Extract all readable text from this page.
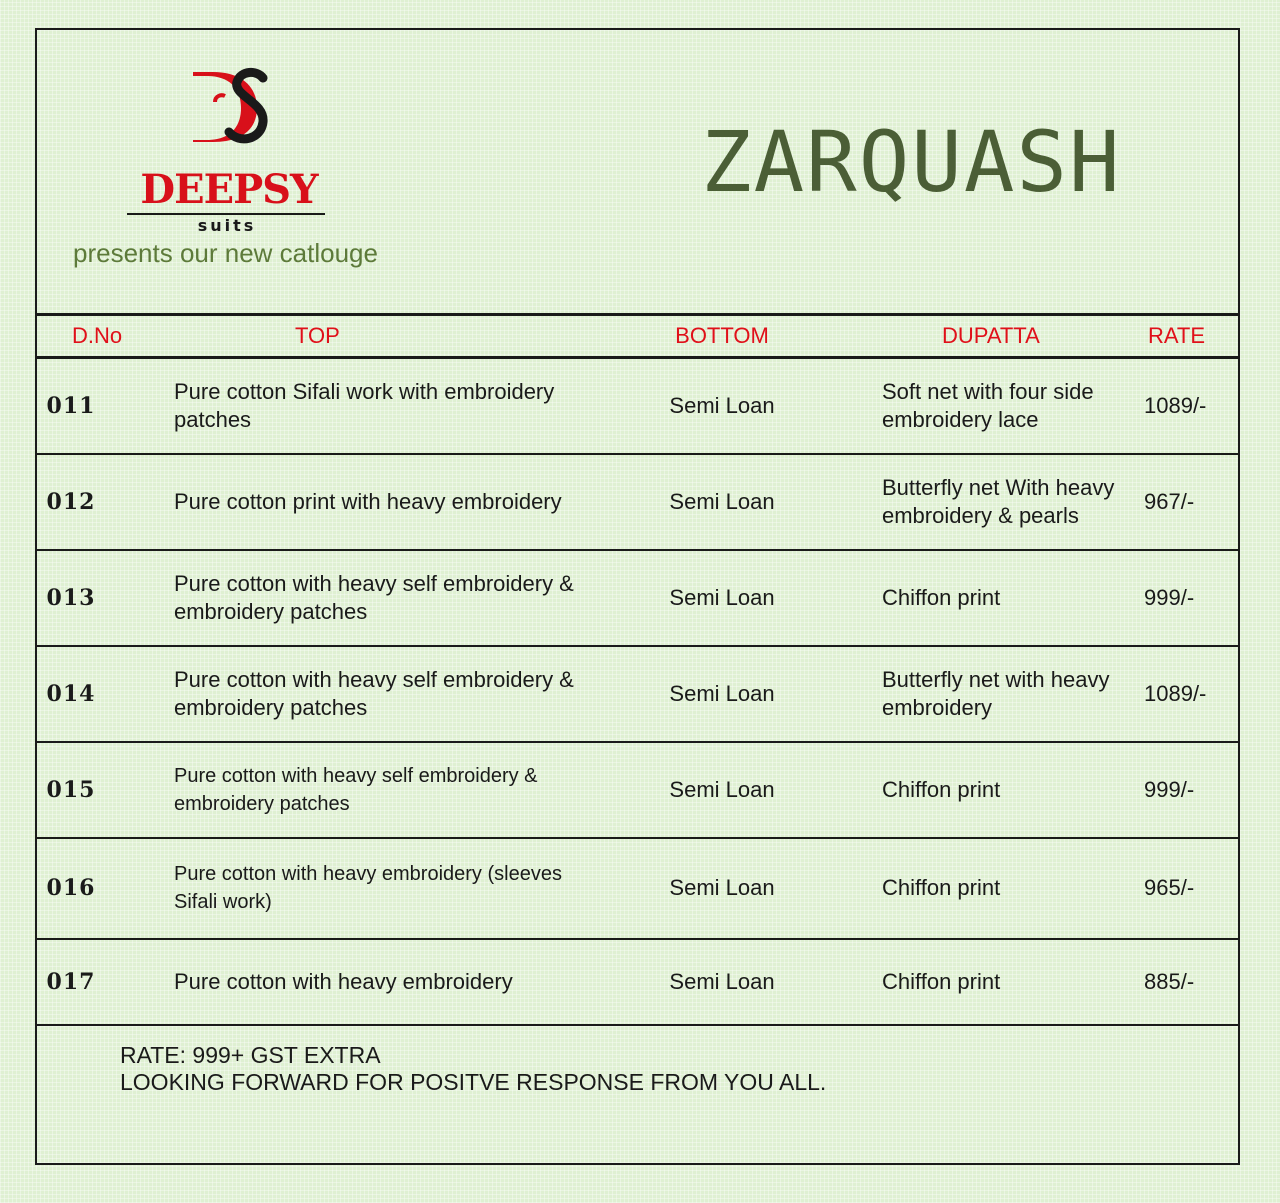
DEEPSY
suits
presents our new catlouge
ZARQUASH
D.No	TOP	BOTTOM	DUPATTA	RATE
011	Pure cotton Sifali work with embroidery patches	Semi Loan	Soft net with four side embroidery lace	1089/-
012	Pure cotton print with heavy embroidery	Semi Loan	Butterfly net With heavy embroidery & pearls	967/-
013	Pure cotton with heavy self embroidery & embroidery patches	Semi Loan	Chiffon print	999/-
014	Pure cotton with heavy self embroidery & embroidery patches	Semi Loan	Butterfly net with heavy embroidery	1089/-
015	Pure cotton with heavy self embroidery & embroidery patches	Semi Loan	Chiffon print	999/-
016	Pure cotton with heavy embroidery (sleeves Sifali work)	Semi Loan	Chiffon print	965/-
017	Pure cotton with heavy embroidery	Semi Loan	Chiffon print	885/-
RATE: 999+ GST EXTRA
LOOKING FORWARD FOR POSITVE RESPONSE FROM YOU ALL.
